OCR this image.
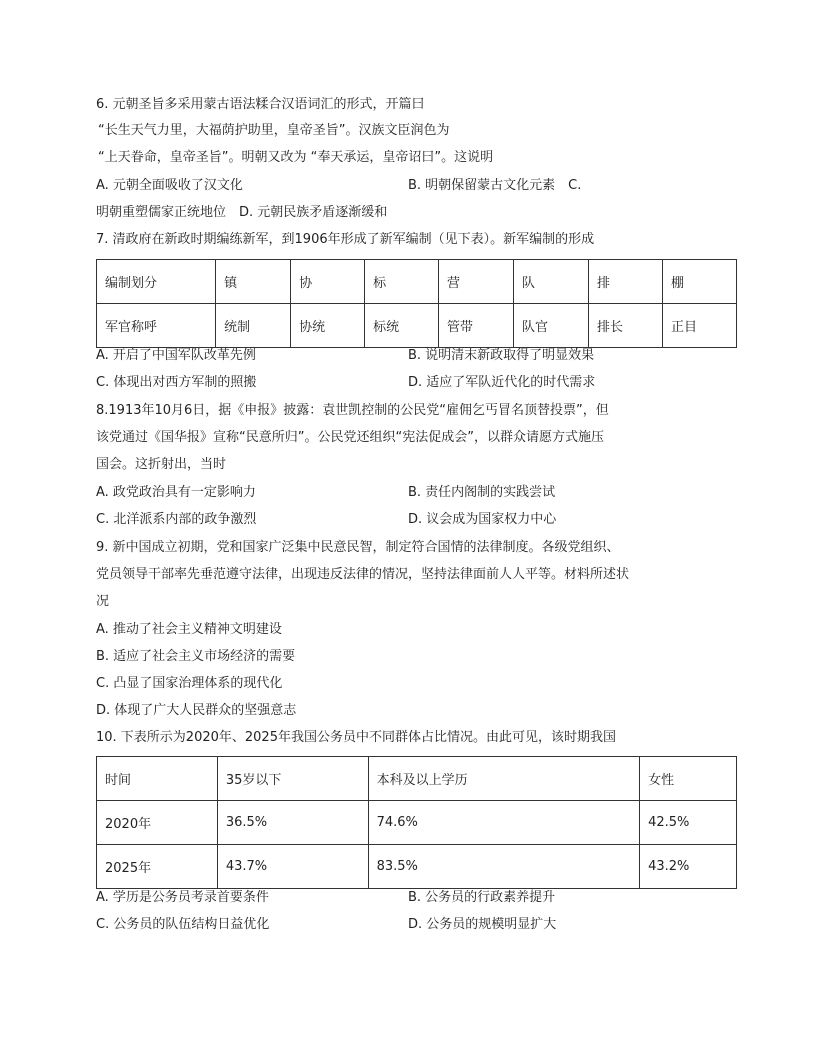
6. 元朝圣旨多采用蒙古语法糅合汉语词汇的形式，开篇曰
“长生天气力里，大福荫护助里，皇帝圣旨”。汉族文臣润色为
“上天眷命，皇帝圣旨”。明朝又改为 “奉天承运，皇帝诏曰”。这说明
A. 元朝全面吸收了汉文化	B. 明朝保留蒙古文化元素　C.
明朝重塑儒家正统地位　D. 元朝民族矛盾逐渐缓和
7. 清政府在新政时期编练新军，到1906年形成了新军编制（见下表）。新军编制的形成
编制划分	镇	协	标	营	队	排	棚
军官称呼	统制	协统	标统	管带	队官	排长	正目
A. 开启了中国军队改革先例	B. 说明清末新政取得了明显效果
C. 体现出对西方军制的照搬	D. 适应了军队近代化的时代需求
8.1913年10月6日，据《申报》披露：袁世凯控制的公民党“雇佣乞丐冒名顶替投票”，但
该党通过《国华报》宣称“民意所归”。公民党还组织“宪法促成会”，以群众请愿方式施压
国会。这折射出，当时
A. 政党政治具有一定影响力	B. 责任内阁制的实践尝试
C. 北洋派系内部的政争激烈	D. 议会成为国家权力中心
9. 新中国成立初期，党和国家广泛集中民意民智，制定符合国情的法律制度。各级党组织、
党员领导干部率先垂范遵守法律，出现违反法律的情况，坚持法律面前人人平等。材料所述状
况
A. 推动了社会主义精神文明建设
B. 适应了社会主义市场经济的需要
C. 凸显了国家治理体系的现代化
D. 体现了广大人民群众的坚强意志
10. 下表所示为2020年、2025年我国公务员中不同群体占比情况。由此可见，该时期我国
时间	35岁以下	本科及以上学历	女性
2020年	36.5%	74.6%	42.5%
2025年	43.7%	83.5%	43.2%
A. 学历是公务员考录首要条件	B. 公务员的行政素养提升
C. 公务员的队伍结构日益优化	D. 公务员的规模明显扩大
